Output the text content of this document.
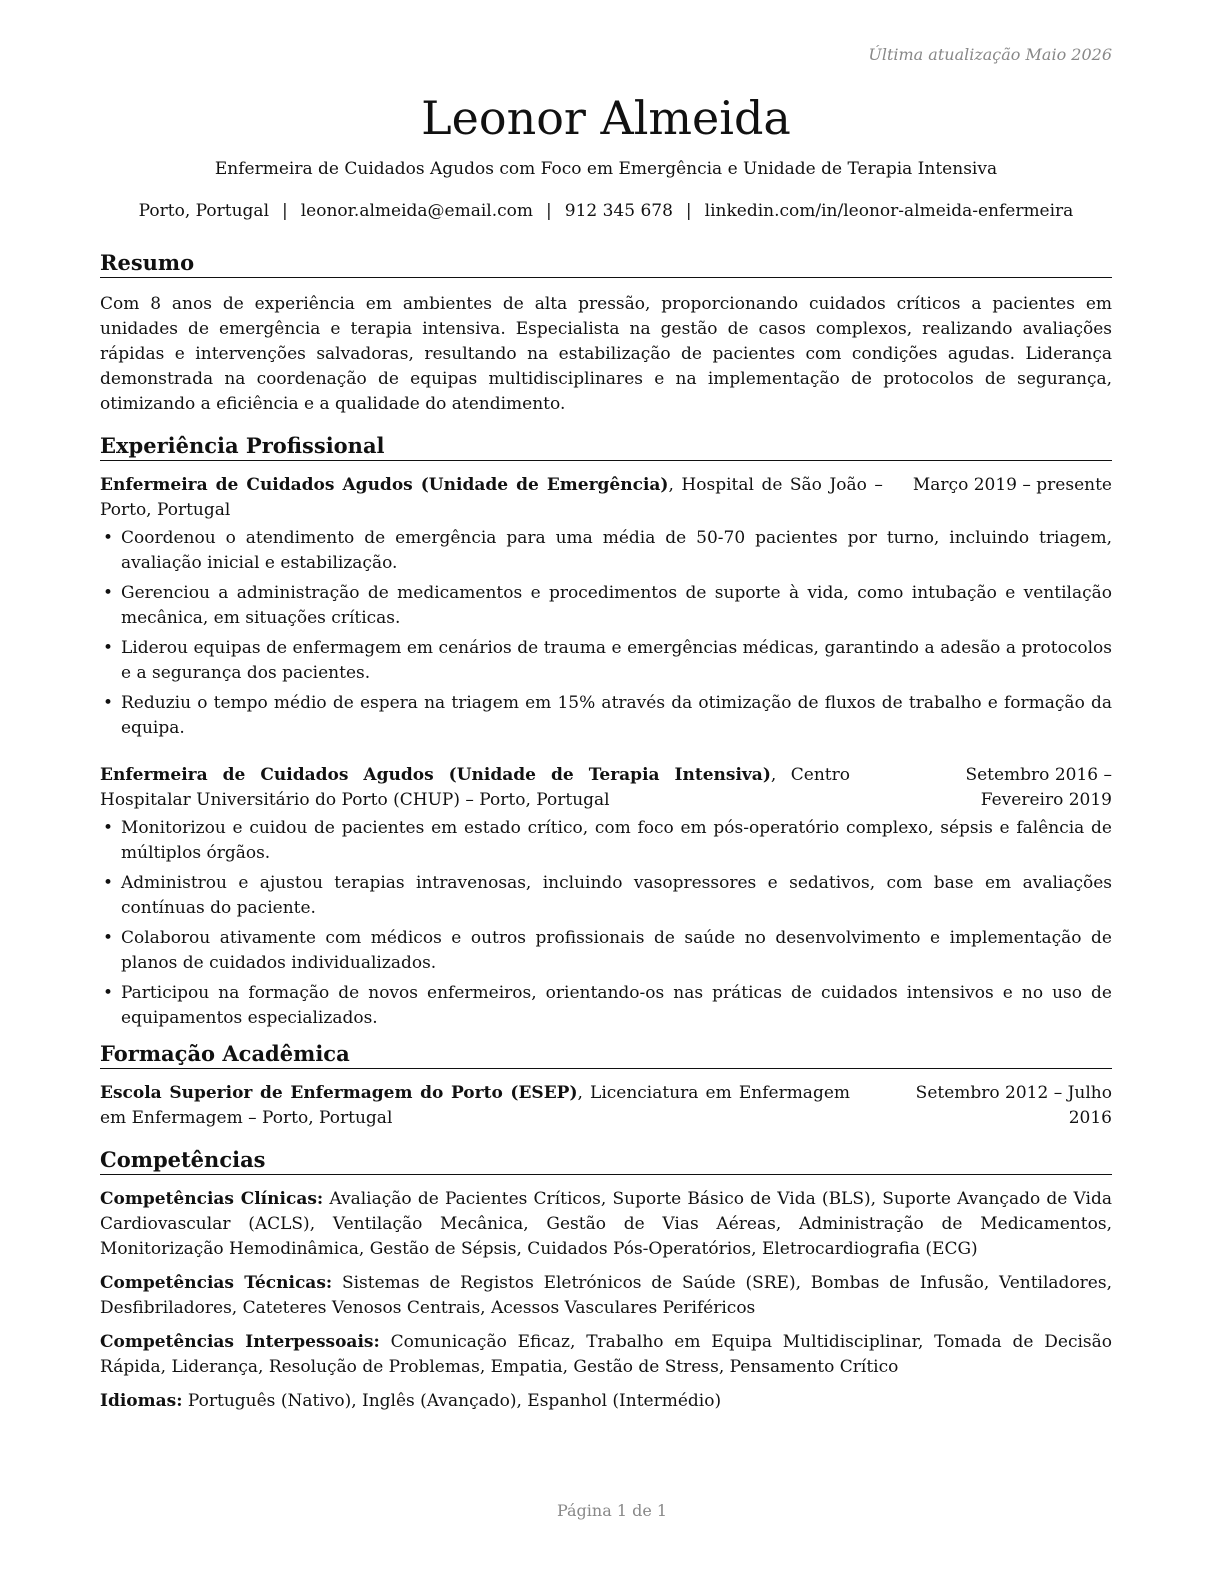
Última atualização Maio 2026
Leonor Almeida
Enfermeira de Cuidados Agudos com Foco em Emergência e Unidade de Terapia Intensiva
Porto, Portugal | leonor.almeida@email.com | 912 345 678 | linkedin.com/in/leonor-almeida-enfermeira
Resumo
Com 8 anos de experiência em ambientes de alta pressão, proporcionando cuidados críticos a pacientes em unidades de emergência e terapia intensiva. Especialista na gestão de casos complexos, realizando avaliações rápidas e intervenções salvadoras, resultando na estabilização de pacientes com condições agudas. Liderança demonstrada na coordenação de equipas multidisciplinares e na implementação de protocolos de segurança, otimizando a eficiência e a qualidade do atendimento.
Experiência Profissional
Enfermeira de Cuidados Agudos (Unidade de Emergência), Hospital de São João – Porto, Portugal
Março 2019 – presente
• Coordenou o atendimento de emergência para uma média de 50-70 pacientes por turno, incluindo triagem, avaliação inicial e estabilização.
• Gerenciou a administração de medicamentos e procedimentos de suporte à vida, como intubação e ventilação mecânica, em situações críticas.
• Liderou equipas de enfermagem em cenários de trauma e emergências médicas, garantindo a adesão a protocolos e a segurança dos pacientes.
• Reduziu o tempo médio de espera na triagem em 15% através da otimização de fluxos de trabalho e formação da equipa.
Enfermeira de Cuidados Agudos (Unidade de Terapia Intensiva), Centro Hospitalar Universitário do Porto (CHUP) – Porto, Portugal
Setembro 2016 – Fevereiro 2019
• Monitorizou e cuidou de pacientes em estado crítico, com foco em pós-operatório complexo, sépsis e falência de múltiplos órgãos.
• Administrou e ajustou terapias intravenosas, incluindo vasopressores e sedativos, com base em avaliações contínuas do paciente.
• Colaborou ativamente com médicos e outros profissionais de saúde no desenvolvimento e implementação de planos de cuidados individualizados.
• Participou na formação de novos enfermeiros, orientando-os nas práticas de cuidados intensivos e no uso de equipamentos especializados.
Formação Acadêmica
Escola Superior de Enfermagem do Porto (ESEP), Licenciatura em Enfermagem em Enfermagem – Porto, Portugal
Setembro 2012 – Julho 2016
Competências
Competências Clínicas: Avaliação de Pacientes Críticos, Suporte Básico de Vida (BLS), Suporte Avançado de Vida Cardiovascular (ACLS), Ventilação Mecânica, Gestão de Vias Aéreas, Administração de Medicamentos, Monitorização Hemodinâmica, Gestão de Sépsis, Cuidados Pós-Operatórios, Eletrocardiografia (ECG)
Competências Técnicas: Sistemas de Registos Eletrónicos de Saúde (SRE), Bombas de Infusão, Ventiladores, Desfibriladores, Cateteres Venosos Centrais, Acessos Vasculares Periféricos
Competências Interpessoais: Comunicação Eficaz, Trabalho em Equipa Multidisciplinar, Tomada de Decisão Rápida, Liderança, Resolução de Problemas, Empatia, Gestão de Stress, Pensamento Crítico
Idiomas: Português (Nativo), Inglês (Avançado), Espanhol (Intermédio)
Página 1 de 1
